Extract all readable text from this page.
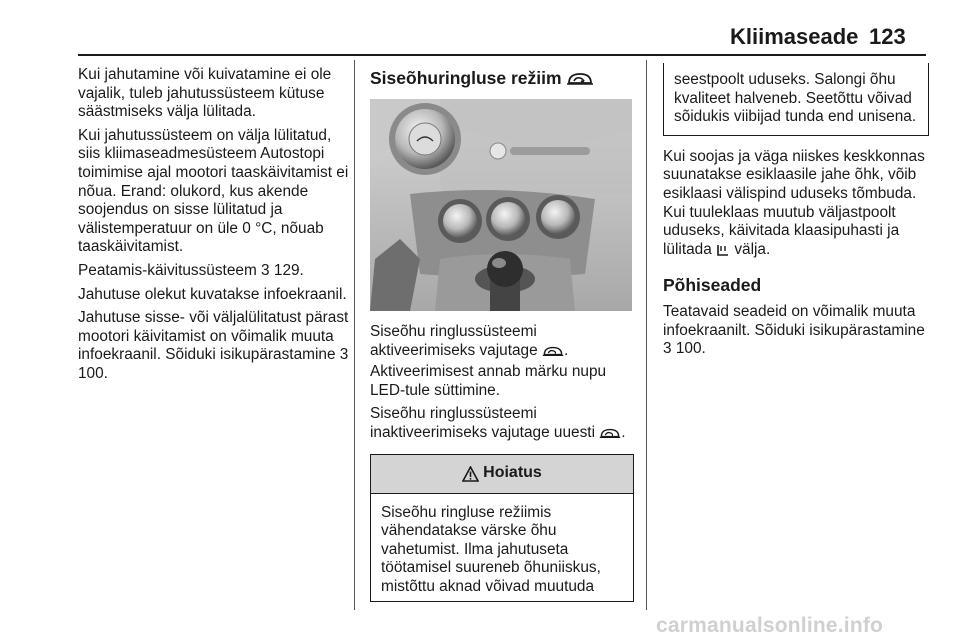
Kliimaseade 123

Kui jahutamine või kuivatamine ei ole vajalik, tuleb jahutussüsteem kütuse säästmiseks välja lülitada.

Kui jahutussüsteem on välja lülitatud, siis kliimaseadmesüsteem Autostopi toimimise ajal mootori taaskäivitamist ei nõua. Erand: olukord, kus akende soojendus on sisse lülitatud ja välistemperatuur on üle 0 °C, nõuab taaskäivitamist.

Peatamis-käivitussüsteem 3 129.

Jahutuse olekut kuvatakse infoekraanil.

Jahutuse sisse- või väljalülitatust pärast mootori käivitamist on võimalik muuta infoekraanil. Sõiduki isikupärastamine 3 100.

Siseõhuringluse režiim

Siseõhu ringlussüsteemi aktiveerimiseks vajutage . Aktiveerimisest annab märku nupu LED-tule süttimine.

Siseõhu ringlussüsteemi inaktiveerimiseks vajutage uuesti .

Hoiatus
Siseõhu ringluse režiimis vähendatakse värske õhu vahetumist. Ilma jahutuseta töötamisel suureneb õhuniiskus, mistõttu aknad võivad muutuda
seestpoolt uduseks. Salongi õhu kvaliteet halveneb. Seetõttu võivad sõidukis viibijad tunda end unisena.

Kui soojas ja väga niiskes keskkonnas suunatakse esiklaasile jahe õhk, võib esiklaasi välispind uduseks tõmbuda. Kui tuuleklaas muutub väljastpoolt uduseks, käivitada klaasipuhasti ja lülitada  välja.

Põhiseaded

Teatavaid seadeid on võimalik muuta infoekraanilt. Sõiduki isikupärastamine 3 100.

carmanualsonline.info
